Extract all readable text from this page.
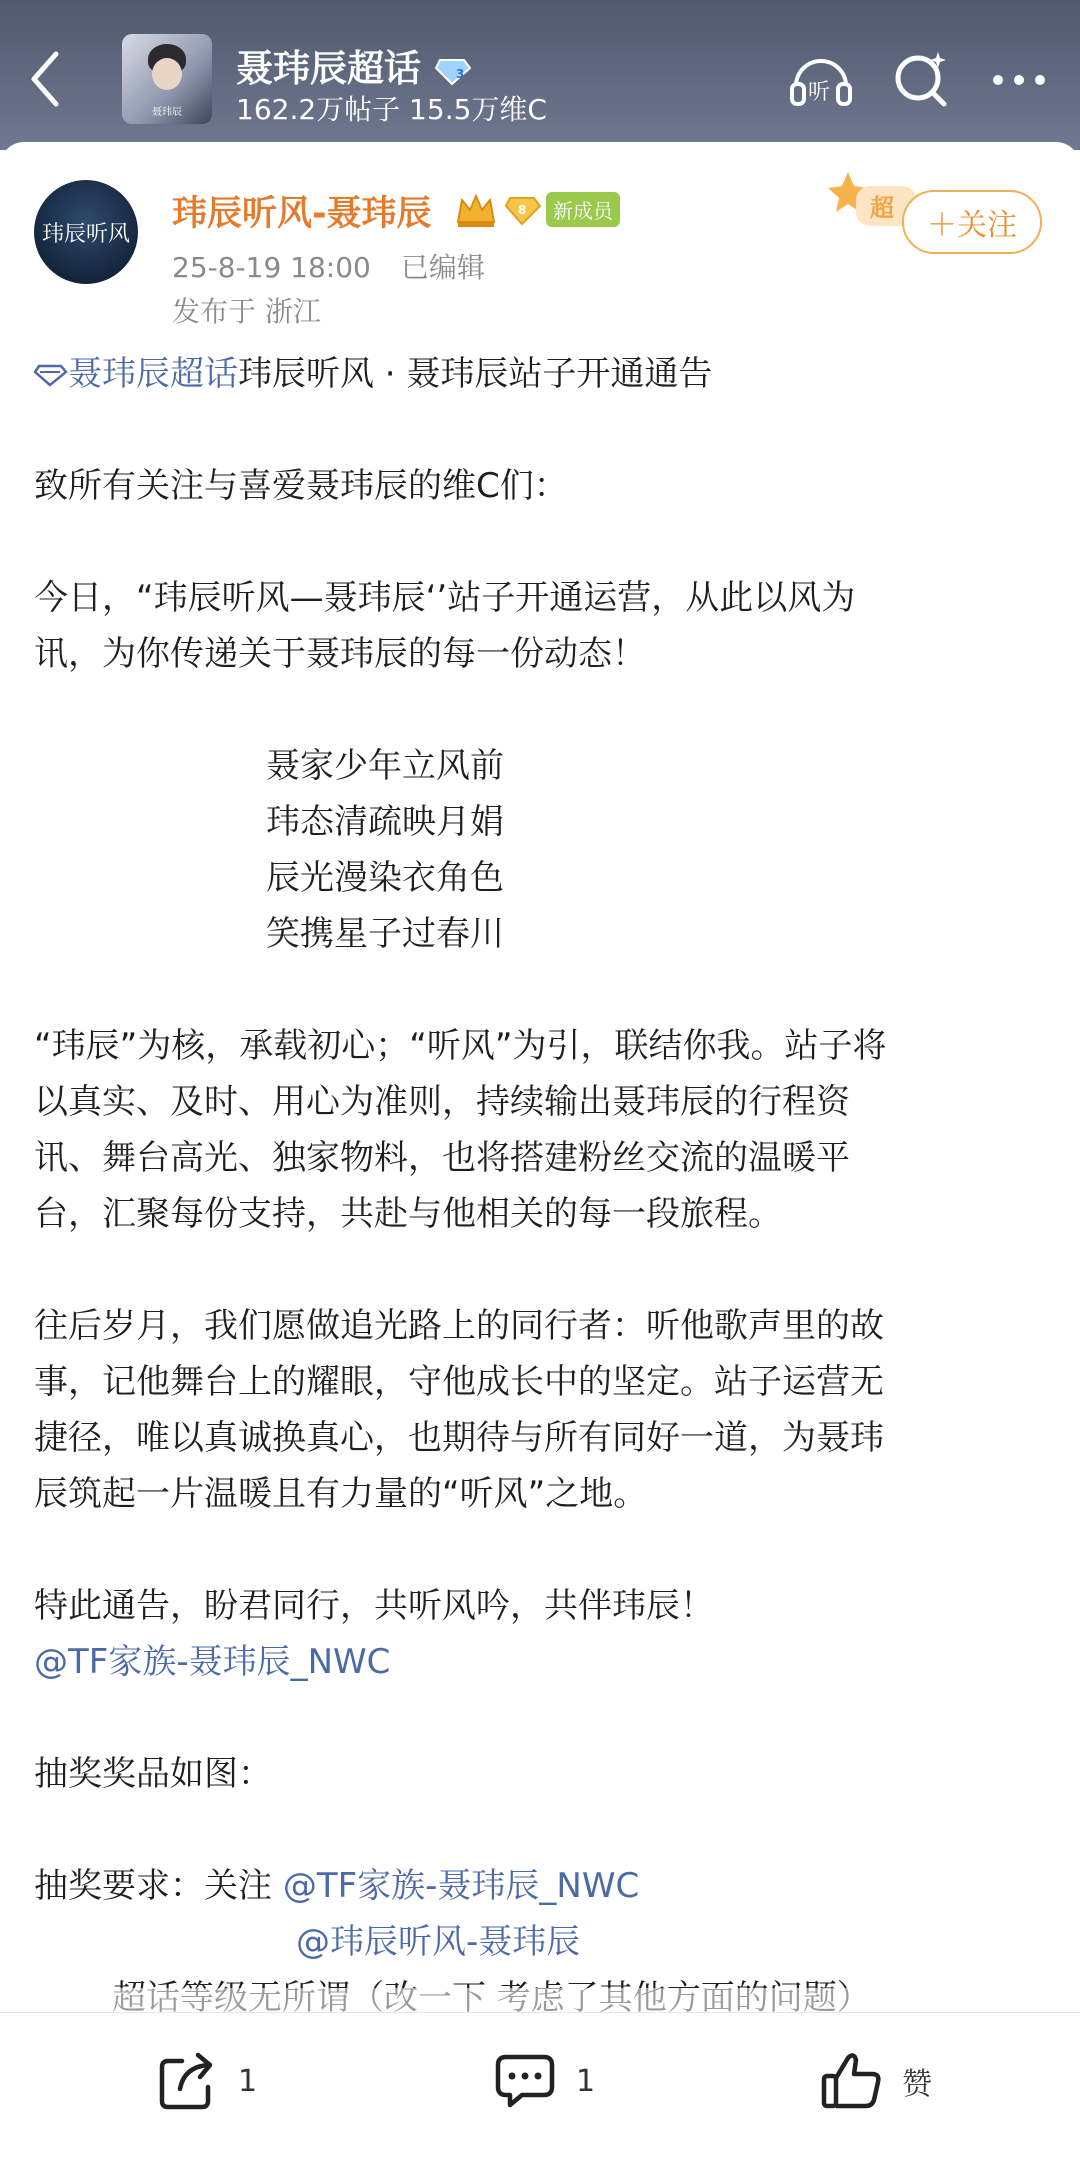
聂玮辰
聂玮辰超话	3
162.2万帖子 15.5万维C
听
玮辰听风 玮辰听风-聂玮辰	8	新成员
25-8-19 18:00 已编辑
发布于 浙江
超	＋关注
聂玮辰超话玮辰听风 · 聂玮辰站子开通通告
致所有关注与喜爱聂玮辰的维C们：
今日，“玮辰听风—聂玮辰‘’站子开通运营，从此以风为
讯，为你传递关于聂玮辰的每一份动态！
聂家少年立风前
玮态清疏映月娟
辰光漫染衣角色
笑携星子过春川
“玮辰”为核，承载初心；“听风”为引，联结你我。站子将
以真实、及时、用心为准则，持续输出聂玮辰的行程资
讯、舞台高光、独家物料，也将搭建粉丝交流的温暖平
台，汇聚每份支持，共赴与他相关的每一段旅程。
往后岁月，我们愿做追光路上的同行者：听他歌声里的故
事，记他舞台上的耀眼，守他成长中的坚定。站子运营无
捷径，唯以真诚换真心，也期待与所有同好一道，为聂玮
辰筑起一片温暖且有力量的“听风”之地。
特此通告，盼君同行，共听风吟，共伴玮辰！
@TF家族-聂玮辰_NWC
抽奖奖品如图：
抽奖要求：关注 @TF家族-聂玮辰_NWC
@玮辰听风-聂玮辰
1	1	赞
